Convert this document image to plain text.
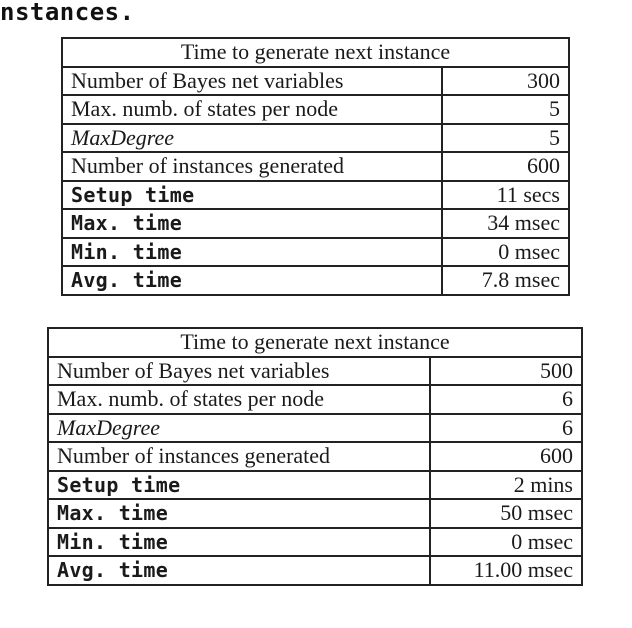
nstances.
Time to generate next instance	
Number of Bayes net variables	300
Max. numb. of states per node	5
MaxDegree	5
Number of instances generated	600
Setup time	11 secs
Max. time	34 msec
Min. time	0 msec
Avg. time	7.8 msec
Time to generate next instance	
Number of Bayes net variables	500
Max. numb. of states per node	6
MaxDegree	6
Number of instances generated	600
Setup time	2 mins
Max. time	50 msec
Min. time	0 msec
Avg. time	11.00 msec
